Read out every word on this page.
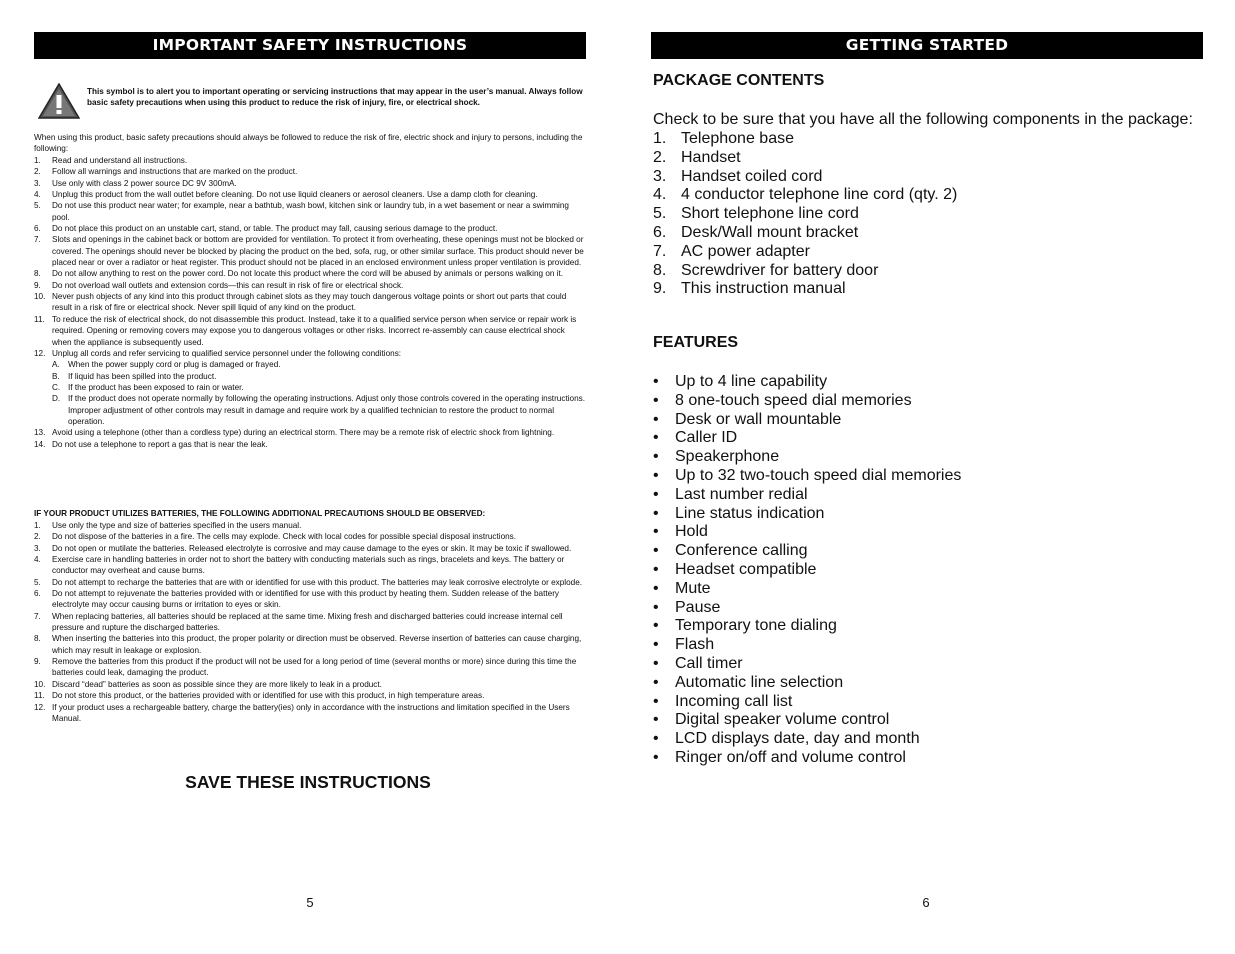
IMPORTANT SAFETY INSTRUCTIONS
This symbol is to alert you to important operating or servicing instructions that may appear in the user’s manual. Always follow basic safety precautions when using this product to reduce the risk of injury, fire, or electrical shock.
When using this product, basic safety precautions should always be followed to reduce the risk of fire, electric shock and injury to persons, including the following:
1.	Read and understand all instructions.
2.	Follow all warnings and instructions that are marked on the product.
3.	Use only with class 2 power source DC 9V 300mA.
4.	Unplug this product from the wall outlet before cleaning. Do not use liquid cleaners or aerosol cleaners. Use a damp cloth for cleaning.
5.	Do not use this product near water; for example, near a bathtub, wash bowl, kitchen sink or laundry tub, in a wet basement or near a swimming pool.
6.	Do not place this product on an unstable cart, stand, or table. The product may fall, causing serious damage to the product.
7.	Slots and openings in the cabinet back or bottom are provided for ventilation. To protect it from overheating, these openings must not be blocked or covered. The openings should never be blocked by placing the product on the bed, sofa, rug, or other similar surface. This product should never be placed near or over a radiator or heat register. This product should not be placed in an enclosed environment unless proper ventilation is provided.
8.	Do not allow anything to rest on the power cord. Do not locate this product where the cord will be abused by animals or persons walking on it.
9.	Do not overload wall outlets and extension cords—this can result in risk of fire or electrical shock.
10. Never push objects of any kind into this product through cabinet slots as they may touch dangerous voltage points or short out parts that could result in a risk of fire or electrical shock. Never spill liquid of any kind on the product.
11. To reduce the risk of electrical shock, do not disassemble this product. Instead, take it to a qualified service person when service or repair work is required. Opening or removing covers may expose you to dangerous voltages or other risks. Incorrect re-assembly can cause electrical shock when the appliance is subsequently used.
12. Unplug all cords and refer servicing to qualified service personnel under the following conditions:
A.	When the power supply cord or plug is damaged or frayed.
B.	If liquid has been spilled into the product.
C. If the product has been exposed to rain or water.
D. If the product does not operate normally by following the operating instructions. Adjust only those controls covered in the operating instructions. Improper adjustment of other controls may result in damage and require work by a qualified technician to restore the product to normal operation.
13. Avoid using a telephone (other than a cordless type) during an electrical storm. There may be a remote risk of electric shock from lightning.
14. Do not use a telephone to report a gas that is near the leak.
IF YOUR PRODUCT UTILIZES BATTERIES, THE FOLLOWING ADDITIONAL PRECAUTIONS SHOULD BE OBSERVED:
1.	Use only the type and size of batteries specified in the users manual.
2.	Do not dispose of the batteries in a fire. The cells may explode. Check with local codes for possible special disposal instructions.
3.	Do not open or mutilate the batteries. Released electrolyte is corrosive and may cause damage to the eyes or skin. It may be toxic if swallowed.
4.	Exercise care in handling batteries in order not to short the battery with conducting materials such as rings, bracelets and keys. The battery or conductor may overheat and cause burns.
5.	Do not attempt to recharge the batteries that are with or identified for use with this product. The batteries may leak corrosive electrolyte or explode.
6.	Do not attempt to rejuvenate the batteries provided with or identified for use with this product by heating them. Sudden release of the battery electrolyte may occur causing burns or irritation to eyes or skin.
7.	When replacing batteries, all batteries should be replaced at the same time. Mixing fresh and discharged batteries could increase internal cell pressure and rupture the discharged batteries.
8.	When inserting the batteries into this product, the proper polarity or direction must be observed. Reverse insertion of batteries can cause charging, which may result in leakage or explosion.
9.	Remove the batteries from this product if the product will not be used for a long period of time (several months or more) since during this time the batteries could leak, damaging the product.
10. Discard “dead” batteries as soon as possible since they are more likely to leak in a product.
11. Do not store this product, or the batteries provided with or identified for use with this product, in high temperature areas.
12. If your product uses a rechargeable battery, charge the battery(ies) only in accordance with the instructions and limitation specified in the Users Manual.
SAVE THESE INSTRUCTIONS
5
GETTING STARTED
PACKAGE CONTENTS
Check to be sure that you have all the following components in the package:
1. Telephone base
2. Handset
3. Handset coiled cord
4. 4 conductor telephone line cord (qty. 2)
5. Short telephone line cord
6. Desk/Wall mount bracket
7. AC power adapter
8. Screwdriver for battery door
9. This instruction manual
FEATURES
• Up to 4 line capability
• 8 one-touch speed dial memories
• Desk or wall mountable
• Caller ID
• Speakerphone
• Up to 32 two-touch speed dial memories
• Last number redial
• Line status indication
• Hold
• Conference calling
• Headset compatible
• Mute
• Pause
• Temporary tone dialing
• Flash
• Call timer
• Automatic line selection
• Incoming call list
• Digital speaker volume control
• LCD displays date, day and month
• Ringer on/off and volume control
6
